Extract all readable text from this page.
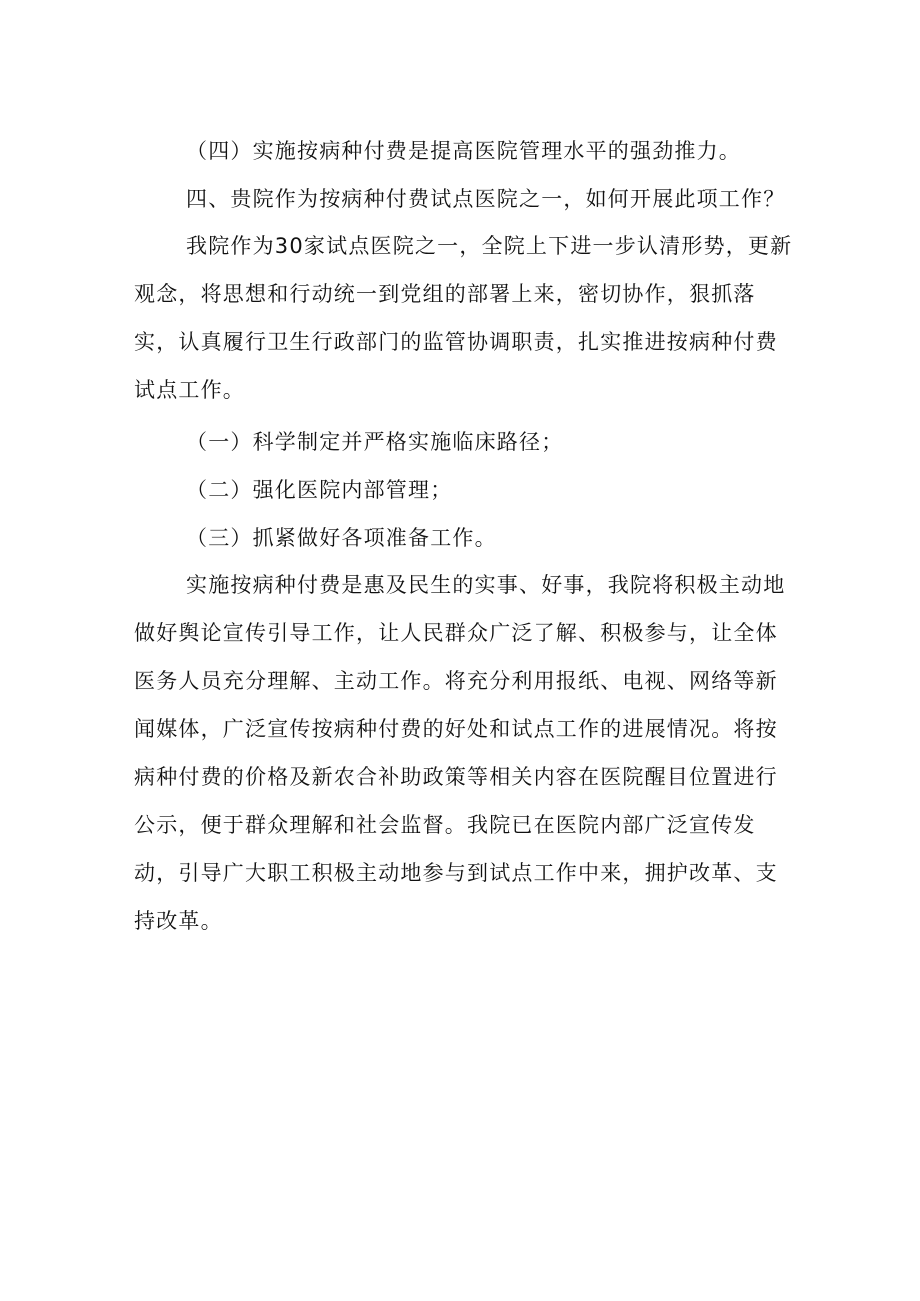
（四）实施按病种付费是提高医院管理水平的强劲推力。

四、贵院作为按病种付费试点医院之一，如何开展此项工作？

我院作为30家试点医院之一，全院上下进一步认清形势，更新观念，将思想和行动统一到党组的部署上来，密切协作，狠抓落实，认真履行卫生行政部门的监管协调职责，扎实推进按病种付费试点工作。

（一）科学制定并严格实施临床路径；

（二）强化医院内部管理；

（三）抓紧做好各项准备工作。

实施按病种付费是惠及民生的实事、好事，我院将积极主动地做好舆论宣传引导工作，让人民群众广泛了解、积极参与，让全体医务人员充分理解、主动工作。将充分利用报纸、电视、网络等新闻媒体，广泛宣传按病种付费的好处和试点工作的进展情况。将按病种付费的价格及新农合补助政策等相关内容在医院醒目位置进行公示，便于群众理解和社会监督。我院已在医院内部广泛宣传发动，引导广大职工积极主动地参与到试点工作中来，拥护改革、支持改革。
